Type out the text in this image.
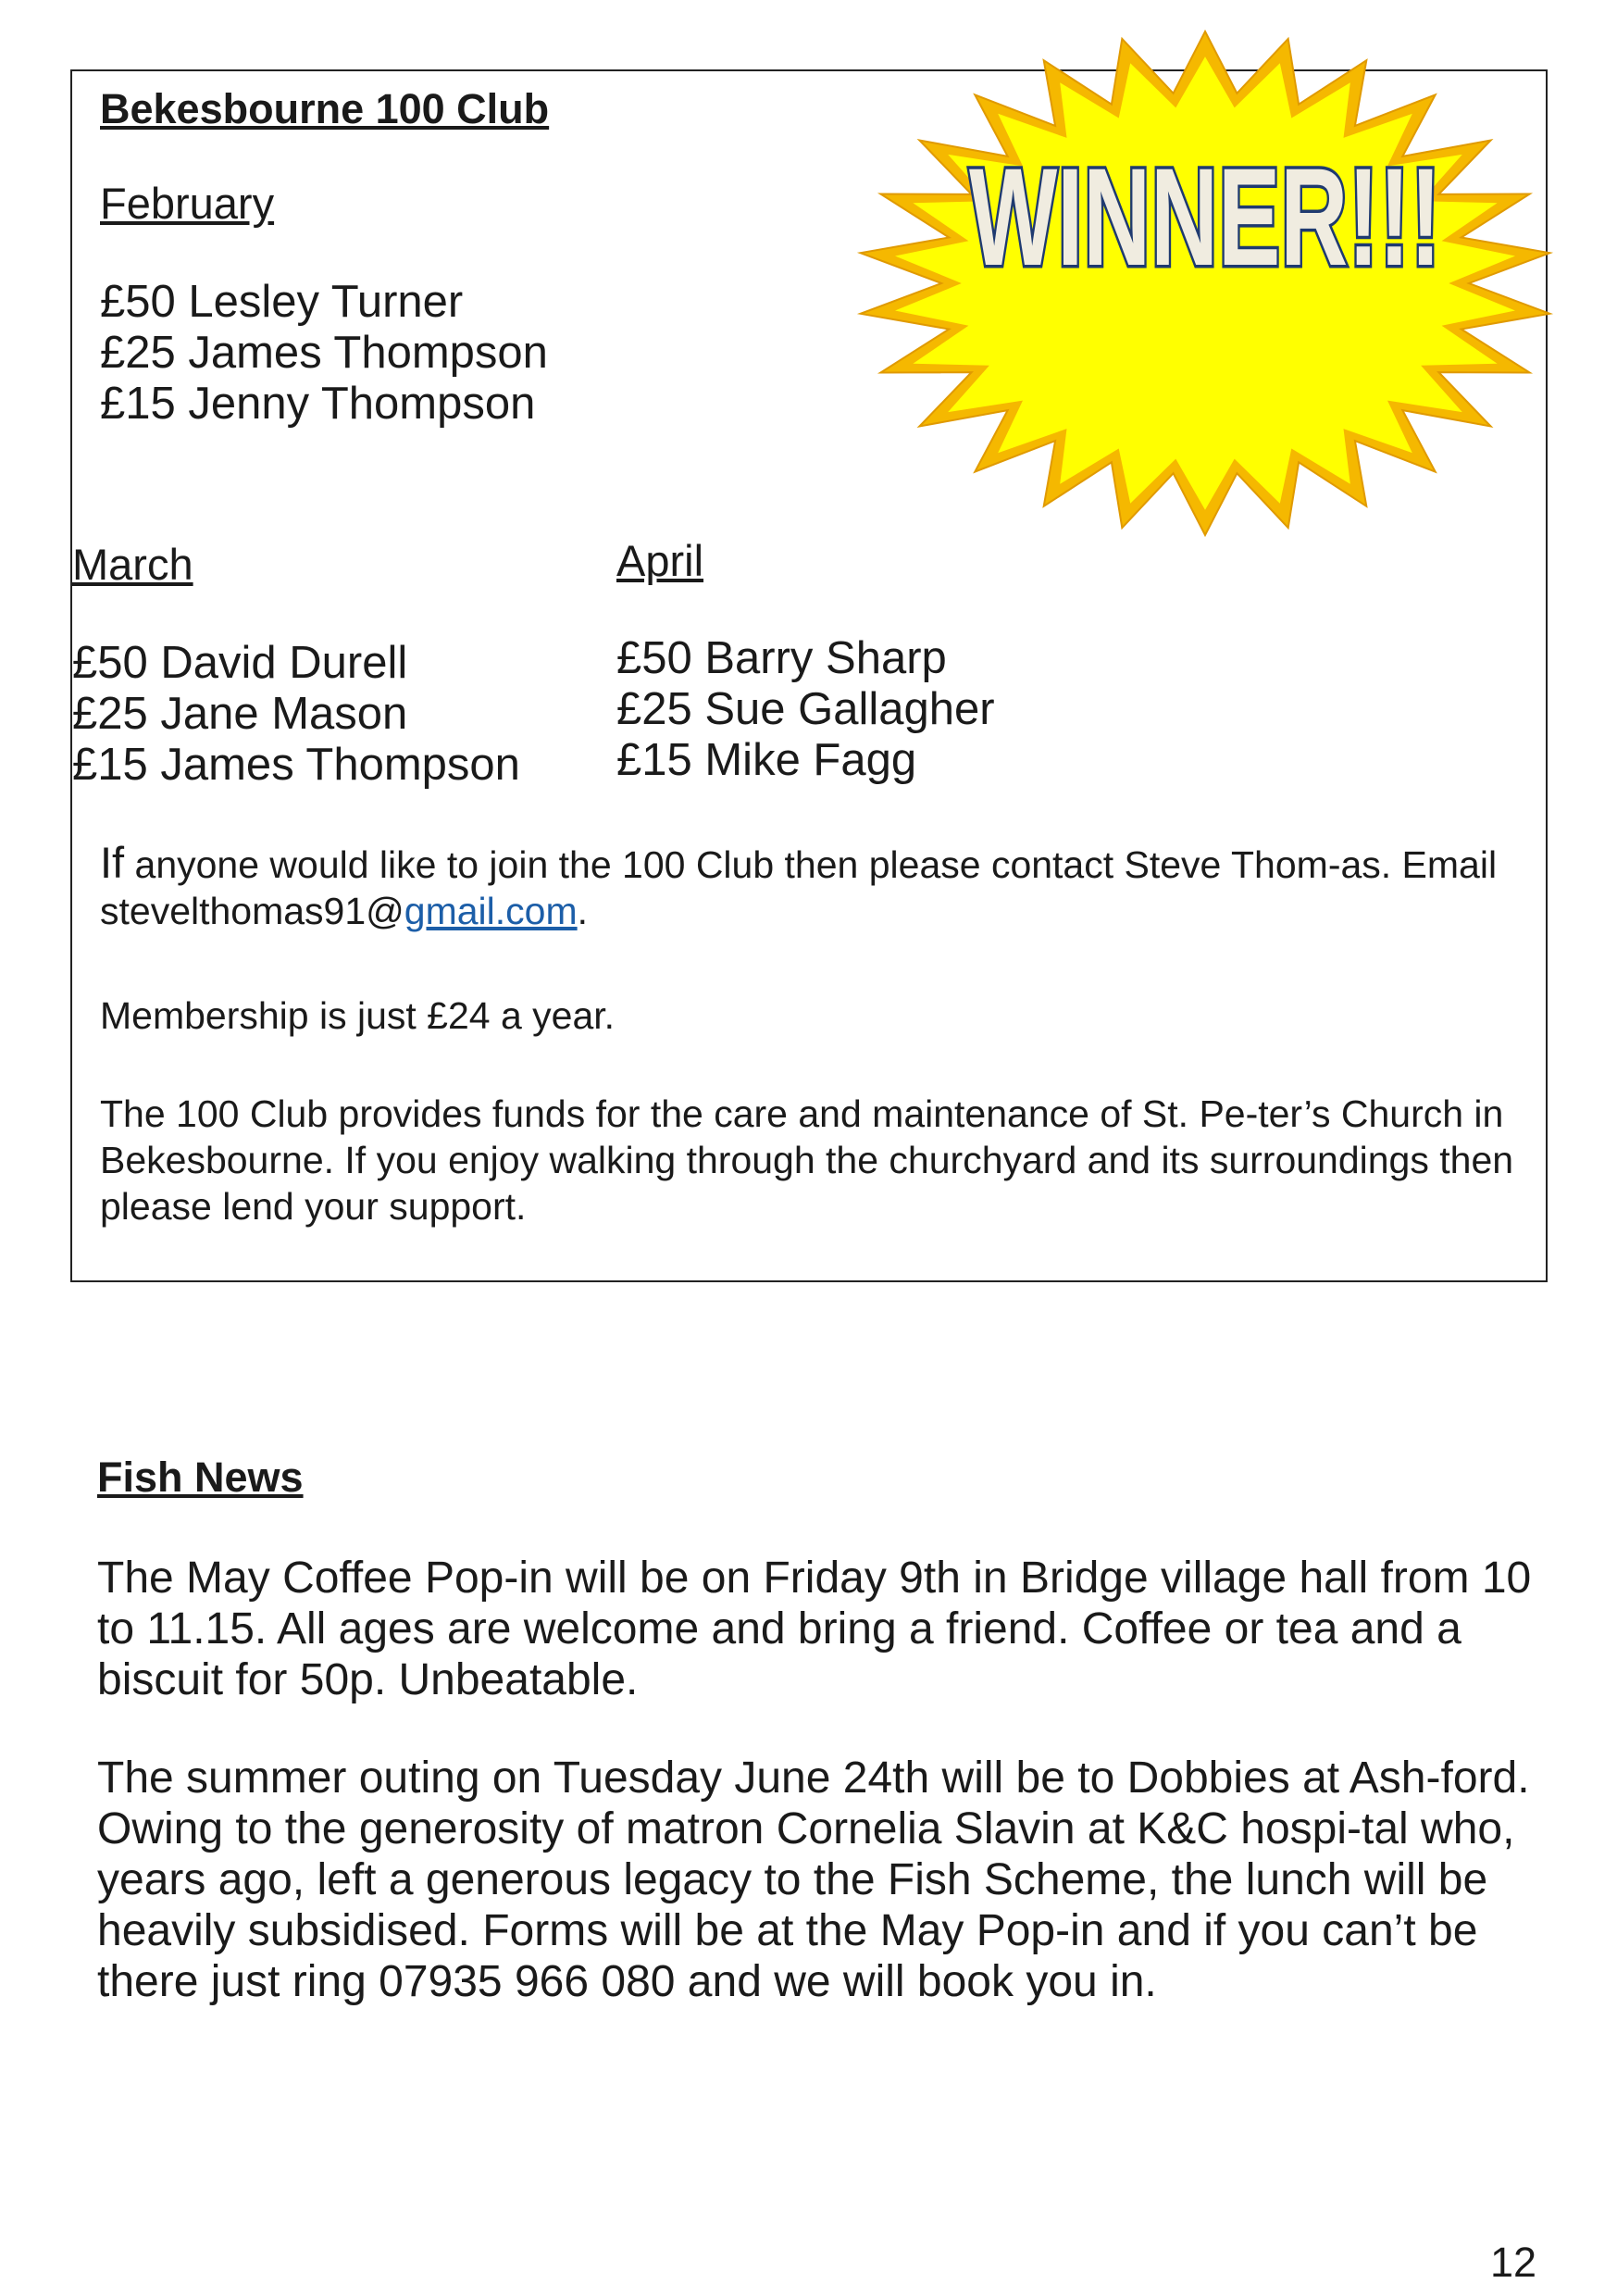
Bekesbourne 100 Club
February
£50 Lesley Turner
£25 James Thompson
£15 Jenny Thompson
WINNER!!!
March
£50 David Durell
£25 Jane Mason
£15 James Thompson
April
£50 Barry Sharp
£25 Sue Gallagher
£15 Mike Fagg
If anyone would like to join the 100 Club then please contact Steve Thom-as. Email stevelthomas91@gmail.com.
Membership is just £24 a year.
The 100 Club provides funds for the care and maintenance of St. Pe-ter’s Church in Bekesbourne. If you enjoy walking through the churchyard and its surroundings then please lend your support.
Fish News
The May Coffee Pop-in will be on Friday 9th in Bridge village hall from 10 to 11.15. All ages are welcome and bring a friend. Coffee or tea and a biscuit for 50p. Unbeatable.
The summer outing on Tuesday June 24th will be to Dobbies at Ash-ford. Owing to the generosity of matron Cornelia Slavin at K&C hospi-tal who, years ago, left a generous legacy to the Fish Scheme, the lunch will be heavily subsidised. Forms will be at the May Pop-in and if you can’t be there just ring 07935 966 080 and we will book you in.
12
